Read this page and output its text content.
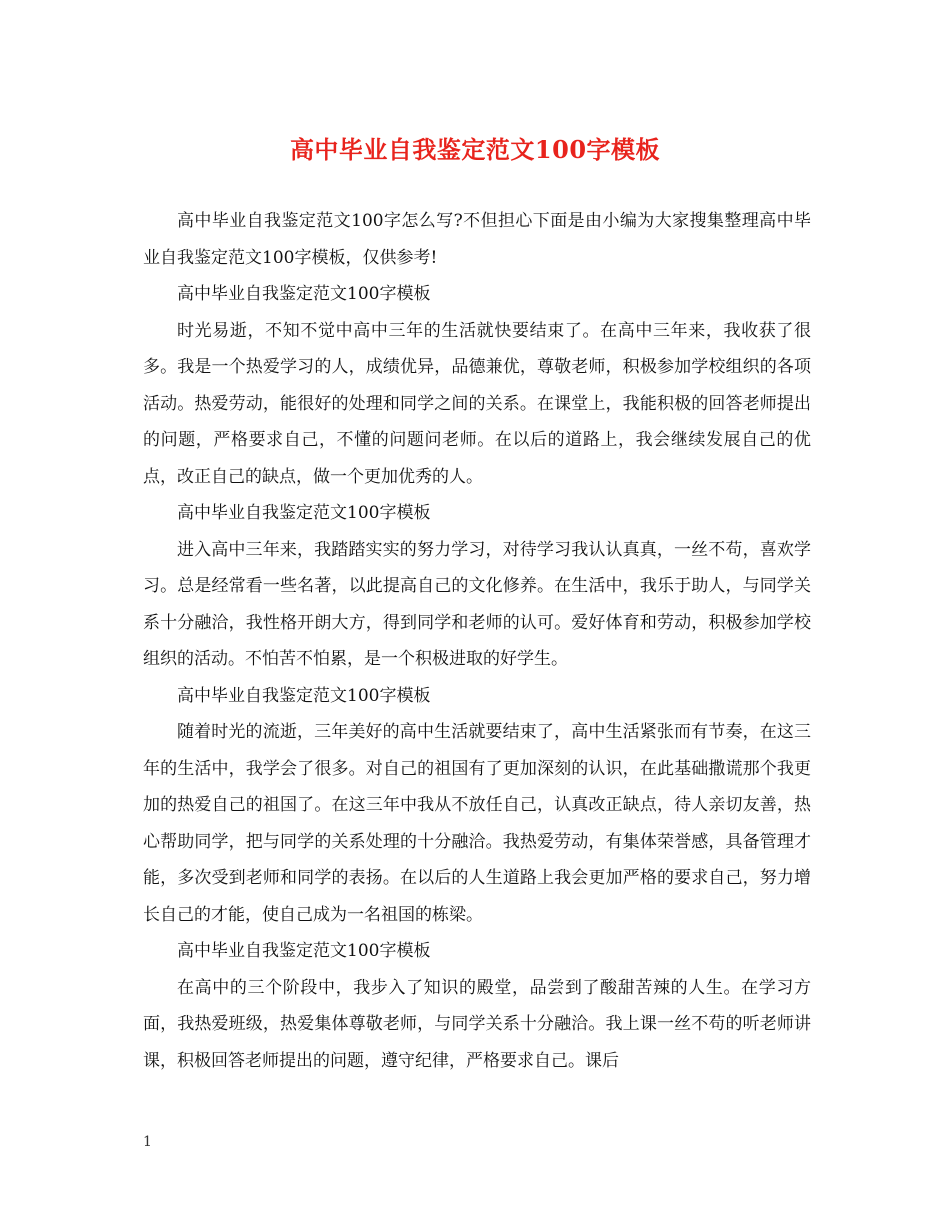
高中毕业自我鉴定范文100字模板

高中毕业自我鉴定范文100字怎么写?不但担心下面是由小编为大家搜集整理高中毕业自我鉴定范文100字模板，仅供参考!

高中毕业自我鉴定范文100字模板

时光易逝，不知不觉中高中三年的生活就快要结束了。在高中三年来，我收获了很多。我是一个热爱学习的人，成绩优异，品德兼优，尊敬老师，积极参加学校组织的各项活动。热爱劳动，能很好的处理和同学之间的关系。在课堂上，我能积极的回答老师提出的问题，严格要求自己，不懂的问题问老师。在以后的道路上，我会继续发展自己的优点，改正自己的缺点，做一个更加优秀的人。

高中毕业自我鉴定范文100字模板

进入高中三年来，我踏踏实实的努力学习，对待学习我认认真真，一丝不苟，喜欢学习。总是经常看一些名著，以此提高自己的文化修养。在生活中，我乐于助人，与同学关系十分融洽，我性格开朗大方，得到同学和老师的认可。爱好体育和劳动，积极参加学校组织的活动。不怕苦不怕累，是一个积极进取的好学生。

高中毕业自我鉴定范文100字模板

随着时光的流逝，三年美好的高中生活就要结束了，高中生活紧张而有节奏，在这三年的生活中，我学会了很多。对自己的祖国有了更加深刻的认识，在此基础撒谎那个我更加的热爱自己的祖国了。在这三年中我从不放任自己，认真改正缺点，待人亲切友善，热心帮助同学，把与同学的关系处理的十分融洽。我热爱劳动，有集体荣誉感，具备管理才能，多次受到老师和同学的表扬。在以后的人生道路上我会更加严格的要求自己，努力增长自己的才能，使自己成为一名祖国的栋梁。

高中毕业自我鉴定范文100字模板

在高中的三个阶段中，我步入了知识的殿堂，品尝到了酸甜苦辣的人生。在学习方面，我热爱班级，热爱集体尊敬老师，与同学关系十分融洽。我上课一丝不苟的听老师讲课，积极回答老师提出的问题，遵守纪律，严格要求自己。课后

1
